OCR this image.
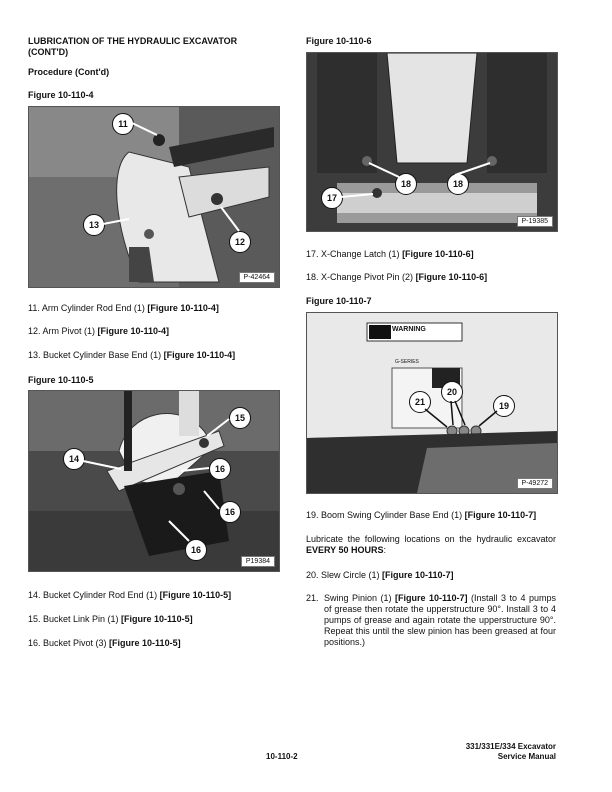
LUBRICATION OF THE HYDRAULIC EXCAVATOR
(CONT'D)
Procedure (Cont'd)
Figure 10-110-4
P-42464
11
12
13
11. Arm Cylinder Rod End (1) [Figure 10-110-4]
12. Arm Pivot (1) [Figure 10-110-4]
13. Bucket Cylinder Base End (1) [Figure 10-110-4]
Figure 10-110-5
P19384
14
15
16
16
16
14. Bucket Cylinder Rod End (1) [Figure 10-110-5]
15. Bucket Link Pin (1) [Figure 10-110-5]
16. Bucket Pivot (3) [Figure 10-110-5]
Figure 10-110-6
P-19385
17
18	18
17. X-Change Latch (1) [Figure 10-110-6]
18. X-Change Pivot Pin (2) [Figure 10-110-6]
Figure 10-110-7
WARNING
G-SERIES
P-49272
19
20
21
19. Boom Swing Cylinder Base End (1) [Figure 10-110-7]
Lubricate the following locations on the hydraulic excavator EVERY 50 HOURS:
20. Slew Circle (1) [Figure 10-110-7]
21. Swing Pinion (1) [Figure 10-110-7] (Install 3 to 4 pumps of grease then rotate the upperstructure 90°. Install 3 to 4 pumps of grease and again rotate the upperstructure 90°. Repeat this until the slew pinion has been greased at four positions.)
10-110-2
331/331E/334 Excavator
Service Manual
